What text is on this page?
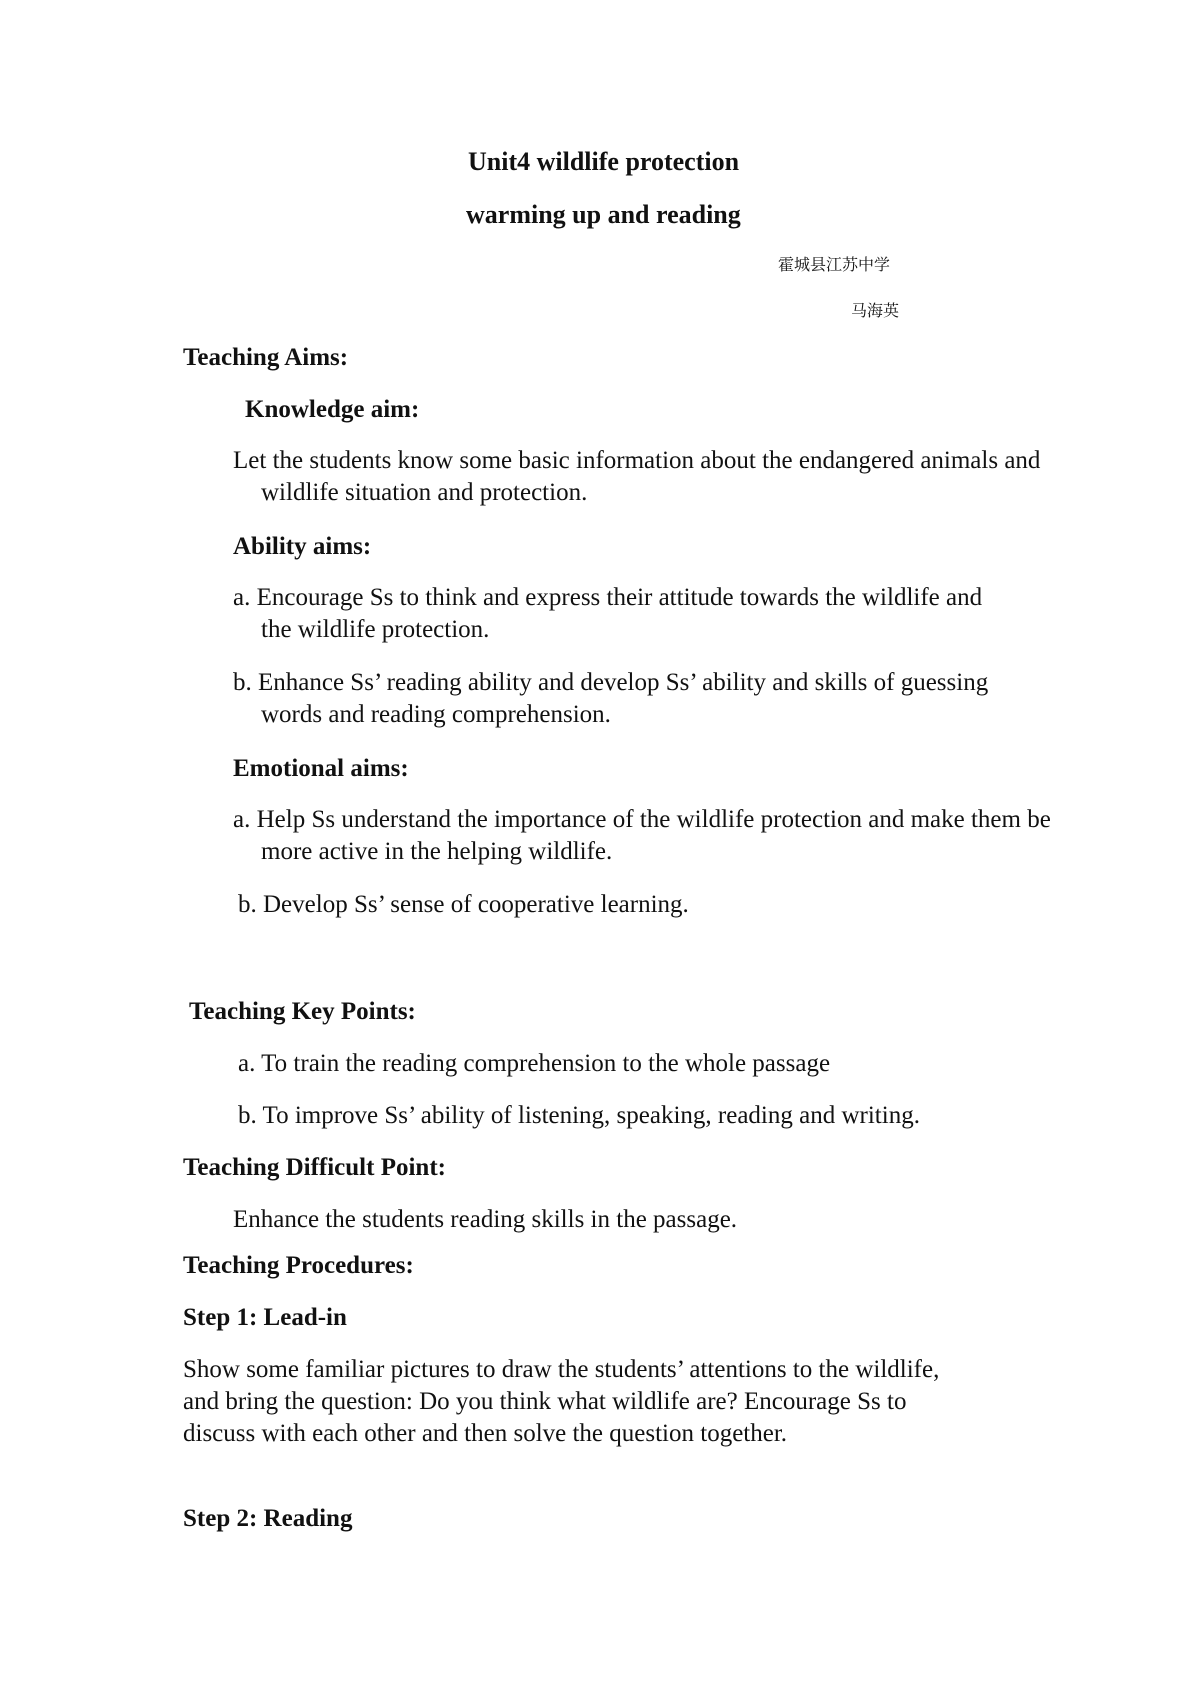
Unit4 wildlife protection
warming up and reading
霍城县江苏中学
马海英
Teaching Aims:
Knowledge aim:
Let the students know some basic information about the endangered animals and wildlife situation and protection.
Ability aims:
a. Encourage Ss to think and express their attitude towards the wildlife and the wildlife protection.
b. Enhance Ss’ reading ability and develop Ss’ ability and skills of guessing words and reading comprehension.
Emotional aims:
a. Help Ss understand the importance of the wildlife protection and make them be more active in the helping wildlife.
b. Develop Ss’ sense of cooperative learning.
Teaching Key Points:
a. To train the reading comprehension to the whole passage
b. To improve Ss’ ability of listening, speaking, reading and writing.
Teaching Difficult Point:
Enhance the students reading skills in the passage.
Teaching Procedures:
Step 1: Lead-in
Show some familiar pictures to draw the students’ attentions to the wildlife, and bring the question: Do you think what wildlife are? Encourage Ss to discuss with each other and then solve the question together.
Step 2: Reading
